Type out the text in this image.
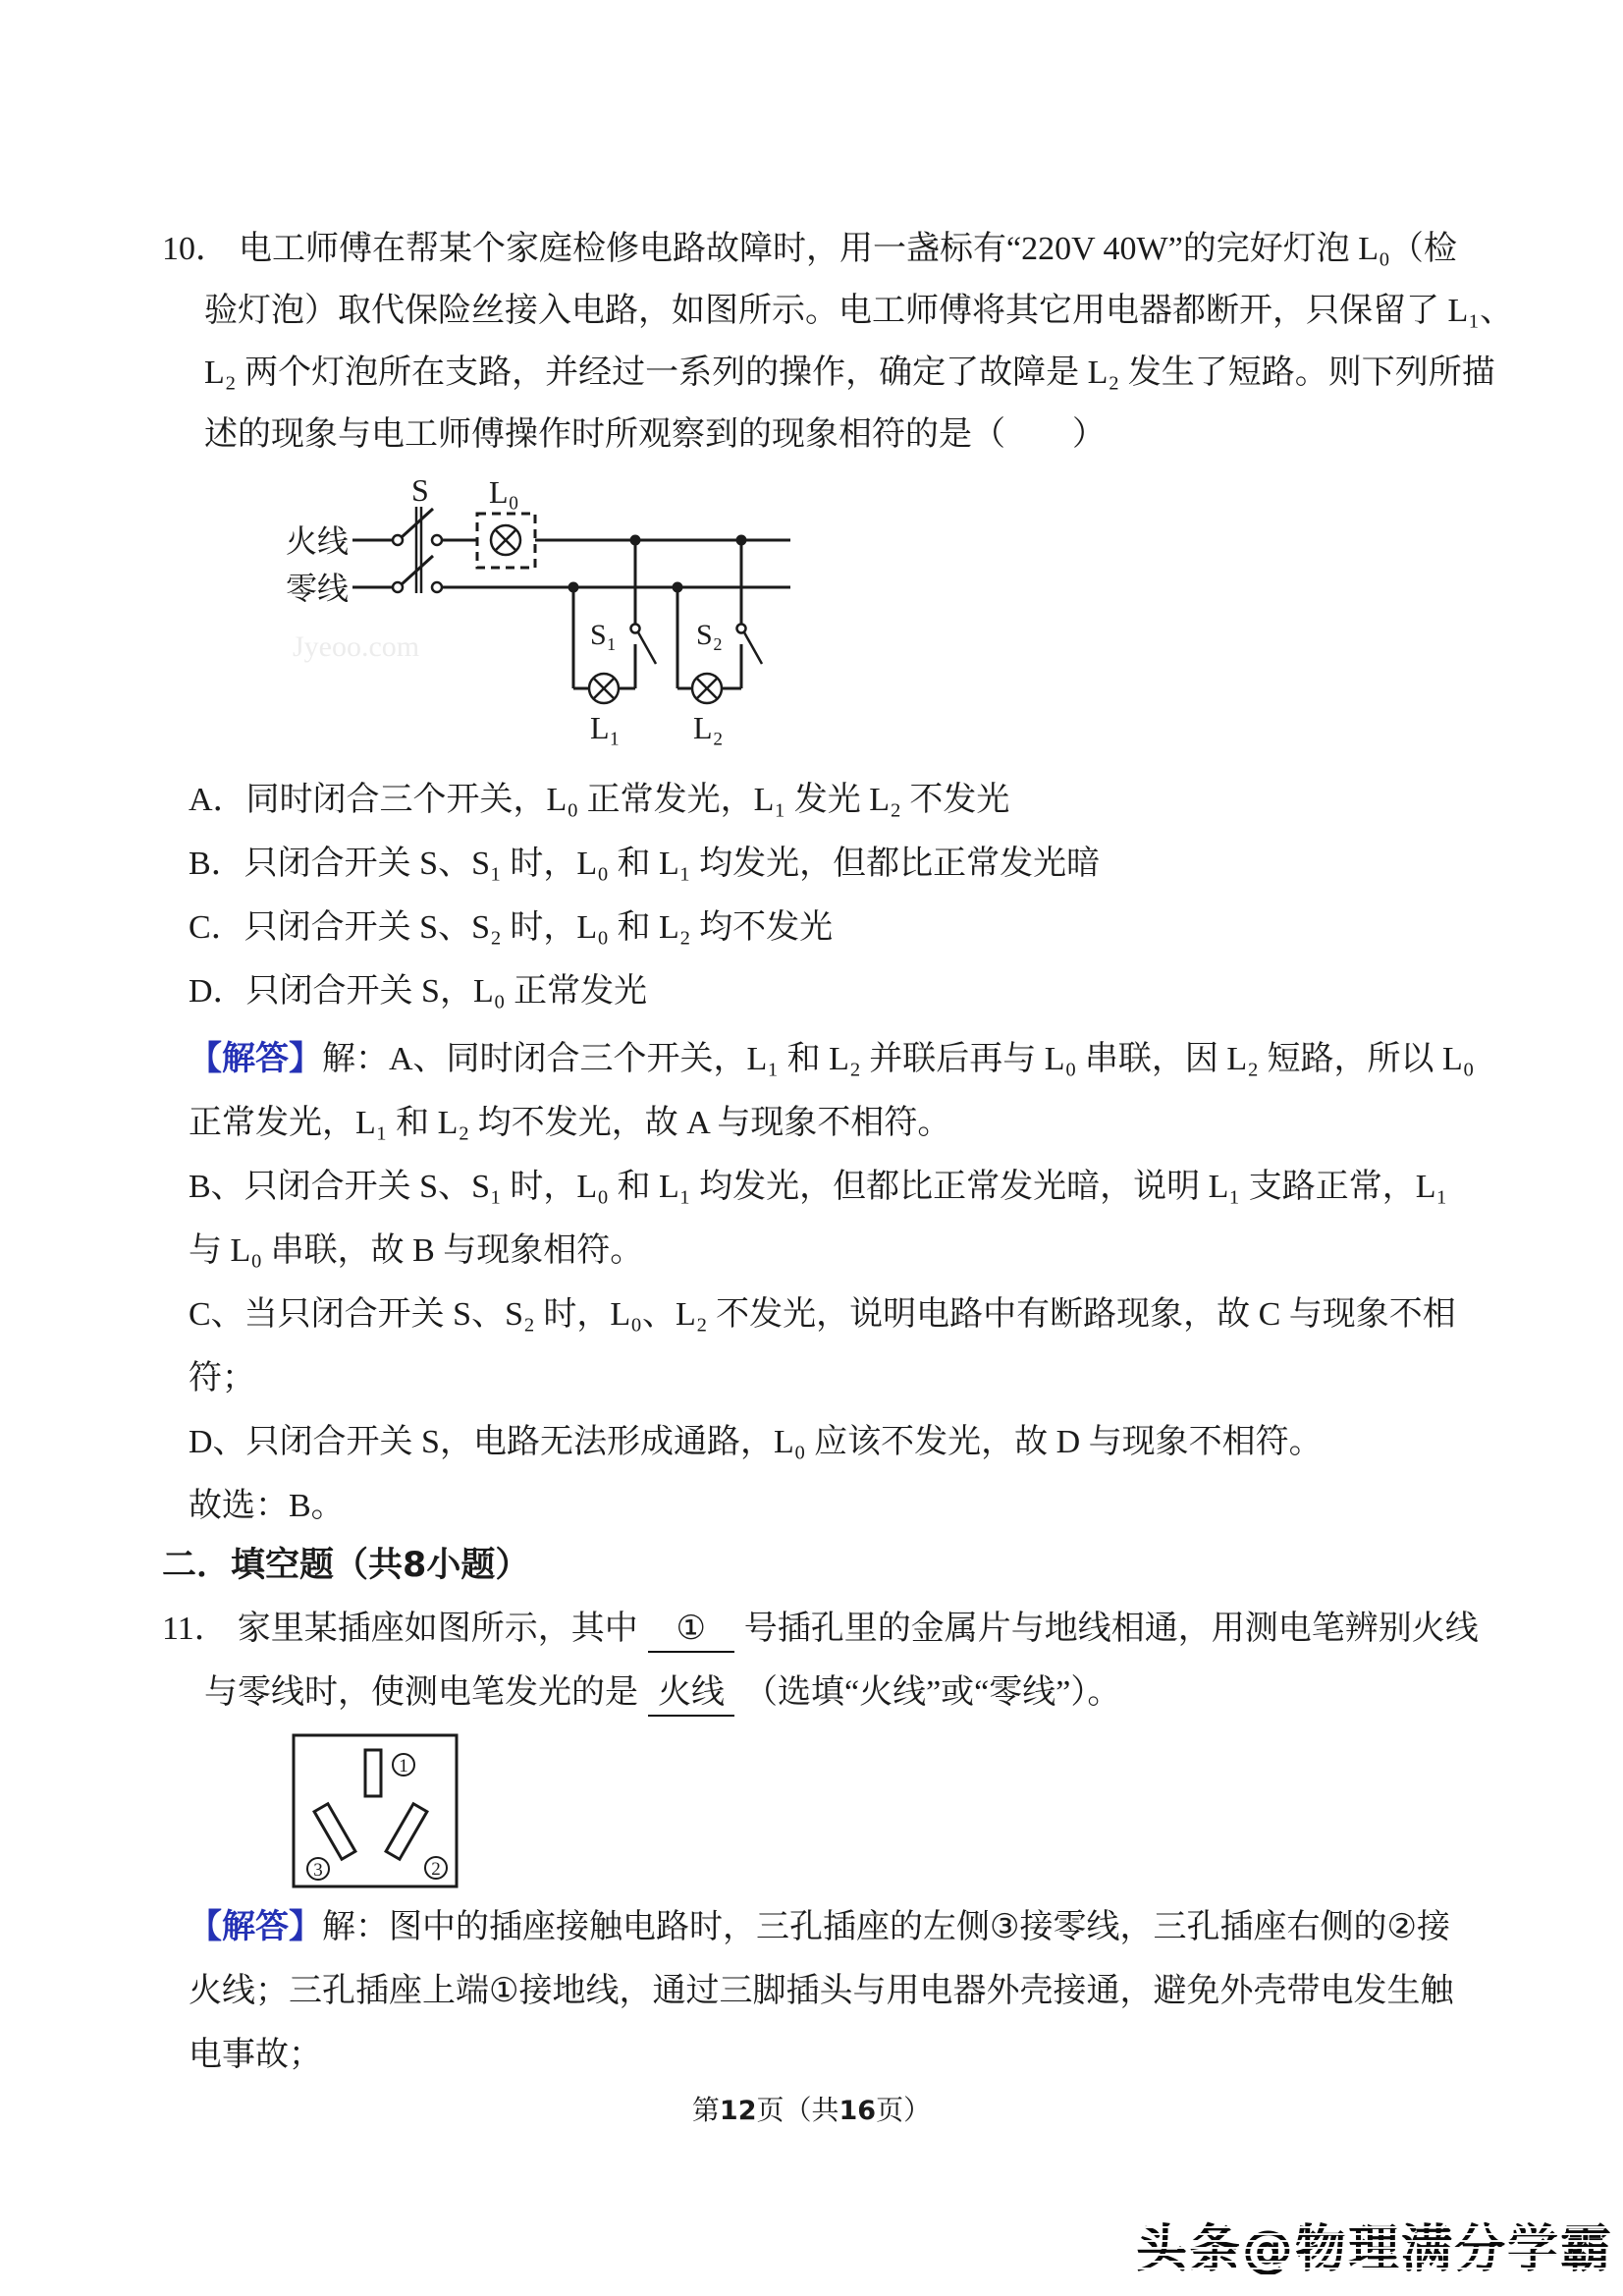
10． 电工师傅在帮某个家庭检修电路故障时，用一盏标有“220V 40W”的完好灯泡 L₀（检
验灯泡）取代保险丝接入电路，如图所示。电工师傅将其它用电器都断开，只保留了 L₁、
L₂ 两个灯泡所在支路，并经过一系列的操作，确定了故障是 L₂ 发生了短路。则下列所描
述的现象与电工师傅操作时所观察到的现象相符的是（　　）
Jyeoo.com
火线
零线
S L₀
S₁
L₁
S₂
L₂
A．同时闭合三个开关，L₀ 正常发光，L₁ 发光 L₂ 不发光
B．只闭合开关 S、S₁ 时，L₀ 和 L₁ 均发光，但都比正常发光暗
C．只闭合开关 S、S₂ 时，L₀ 和 L₂ 均不发光
D．只闭合开关 S，L₀ 正常发光
【解答】解：A、同时闭合三个开关，L₁ 和 L₂ 并联后再与 L₀ 串联，因 L₂ 短路，所以 L₀
正常发光，L₁ 和 L₂ 均不发光，故 A 与现象不相符。
B、只闭合开关 S、S₁ 时，L₀ 和 L₁ 均发光，但都比正常发光暗，说明 L₁ 支路正常，L₁
与 L₀ 串联，故 B 与现象相符。
C、当只闭合开关 S、S₂ 时，L₀、L₂ 不发光，说明电路中有断路现象，故 C 与现象不相
符；
D、只闭合开关 S，电路无法形成通路，L₀ 应该不发光，故 D 与现象不相符。
故选：B。
二．填空题（共8小题）
11． 家里某插座如图所示，其中 ① 号插孔里的金属片与地线相通，用测电笔辨别火线
与零线时，使测电笔发光的是 火线 （选填“火线”或“零线”）。
1
2
3
【解答】解：图中的插座接触电路时，三孔插座的左侧③接零线，三孔插座右侧的②接
火线；三孔插座上端①接地线，通过三脚插头与用电器外壳接通，避免外壳带电发生触
电事故；
第12页（共16页）
头条@物理满分学霸
